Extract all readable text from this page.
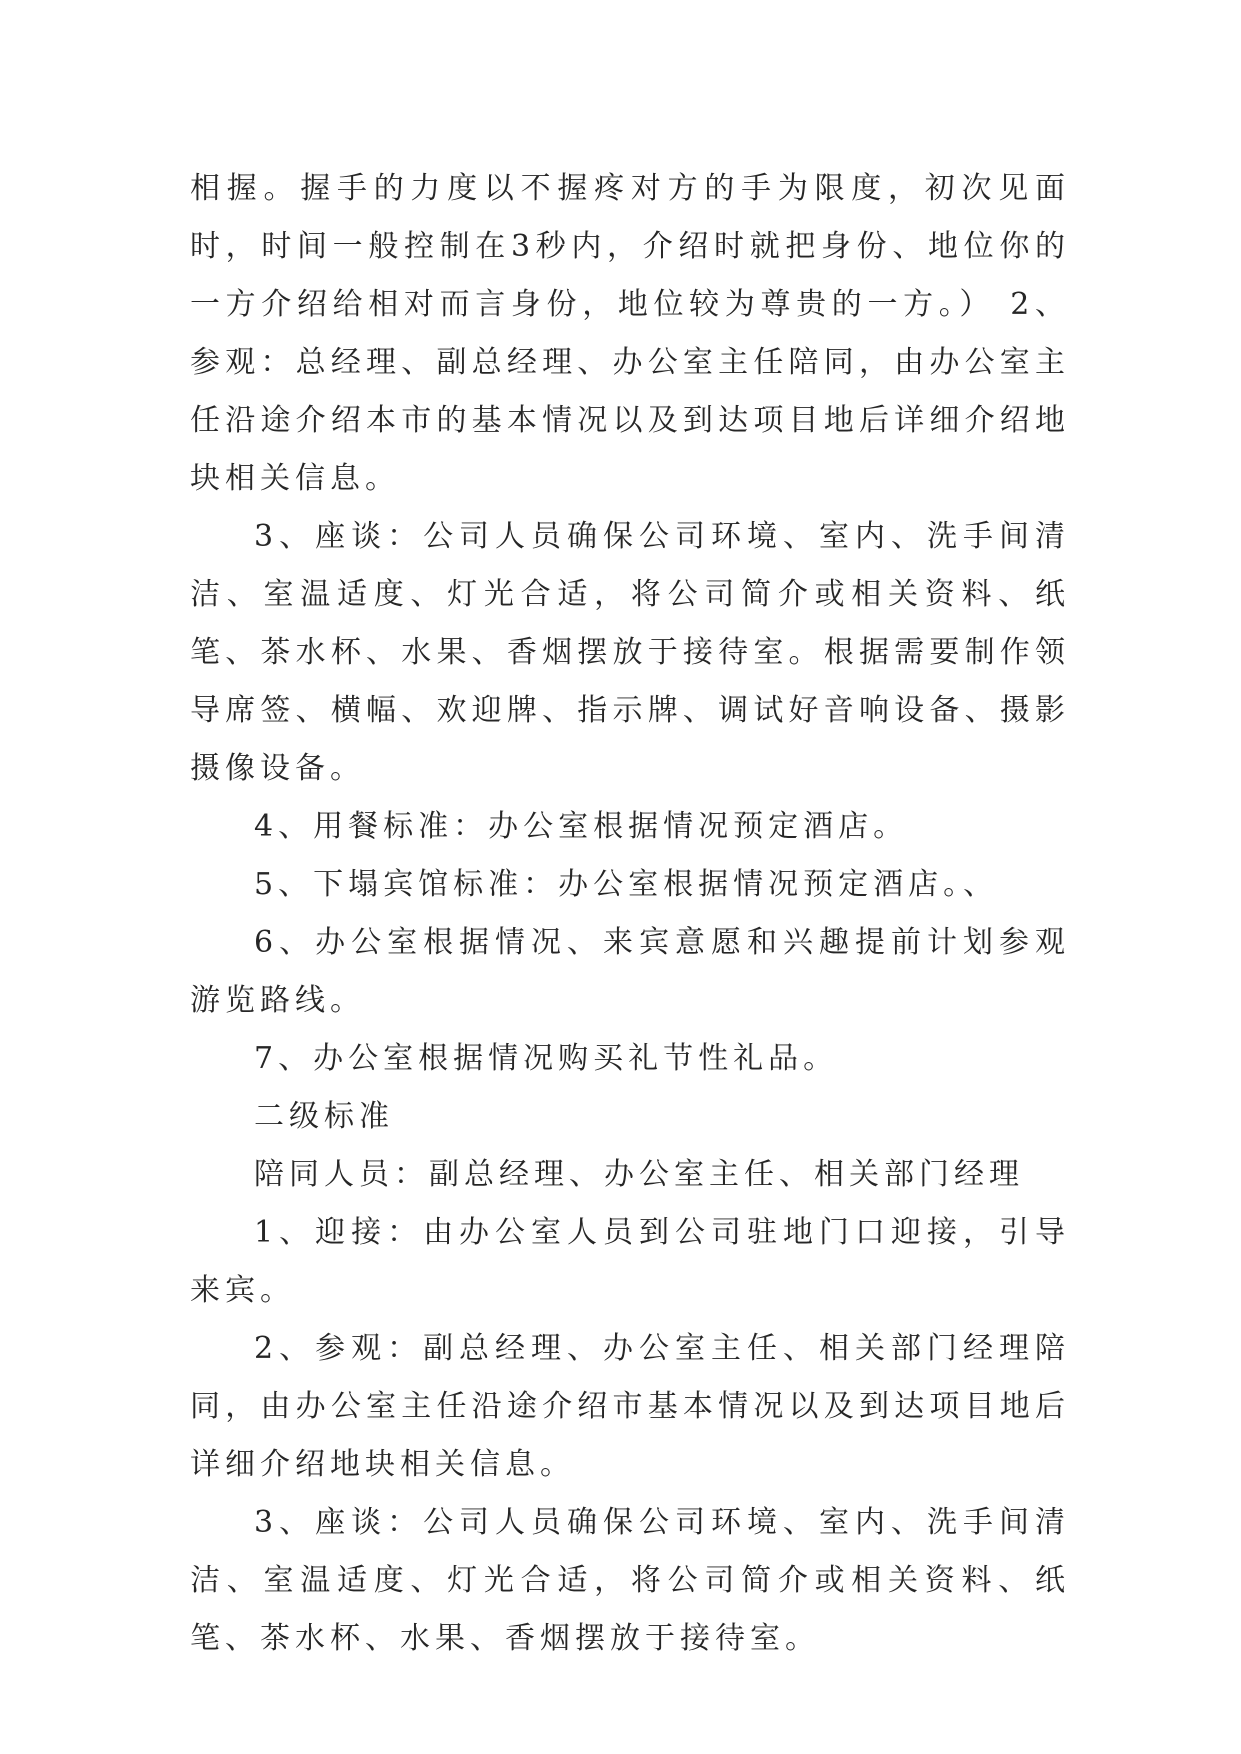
相握。握手的力度以不握疼对方的手为限度，初次见面时，时间一般控制在3秒内，介绍时就把身份、地位你的一方介绍给相对而言身份，地位较为尊贵的一方。） 2、参观：总经理、副总经理、办公室主任陪同，由办公室主任沿途介绍本市的基本情况以及到达项目地后详细介绍地块相关信息。

3、座谈：公司人员确保公司环境、室内、洗手间清洁、室温适度、灯光合适，将公司简介或相关资料、纸笔、茶水杯、水果、香烟摆放于接待室。根据需要制作领导席签、横幅、欢迎牌、指示牌、调试好音响设备、摄影摄像设备。

4、用餐标准：办公室根据情况预定酒店。

5、下塌宾馆标准：办公室根据情况预定酒店。、

6、办公室根据情况、来宾意愿和兴趣提前计划参观游览路线。

7、办公室根据情况购买礼节性礼品。

二级标准

陪同人员：副总经理、办公室主任、相关部门经理

1、迎接：由办公室人员到公司驻地门口迎接，引导来宾。

2、参观：副总经理、办公室主任、相关部门经理陪同，由办公室主任沿途介绍市基本情况以及到达项目地后详细介绍地块相关信息。

3、座谈：公司人员确保公司环境、室内、洗手间清洁、室温适度、灯光合适，将公司简介或相关资料、纸笔、茶水杯、水果、香烟摆放于接待室。
